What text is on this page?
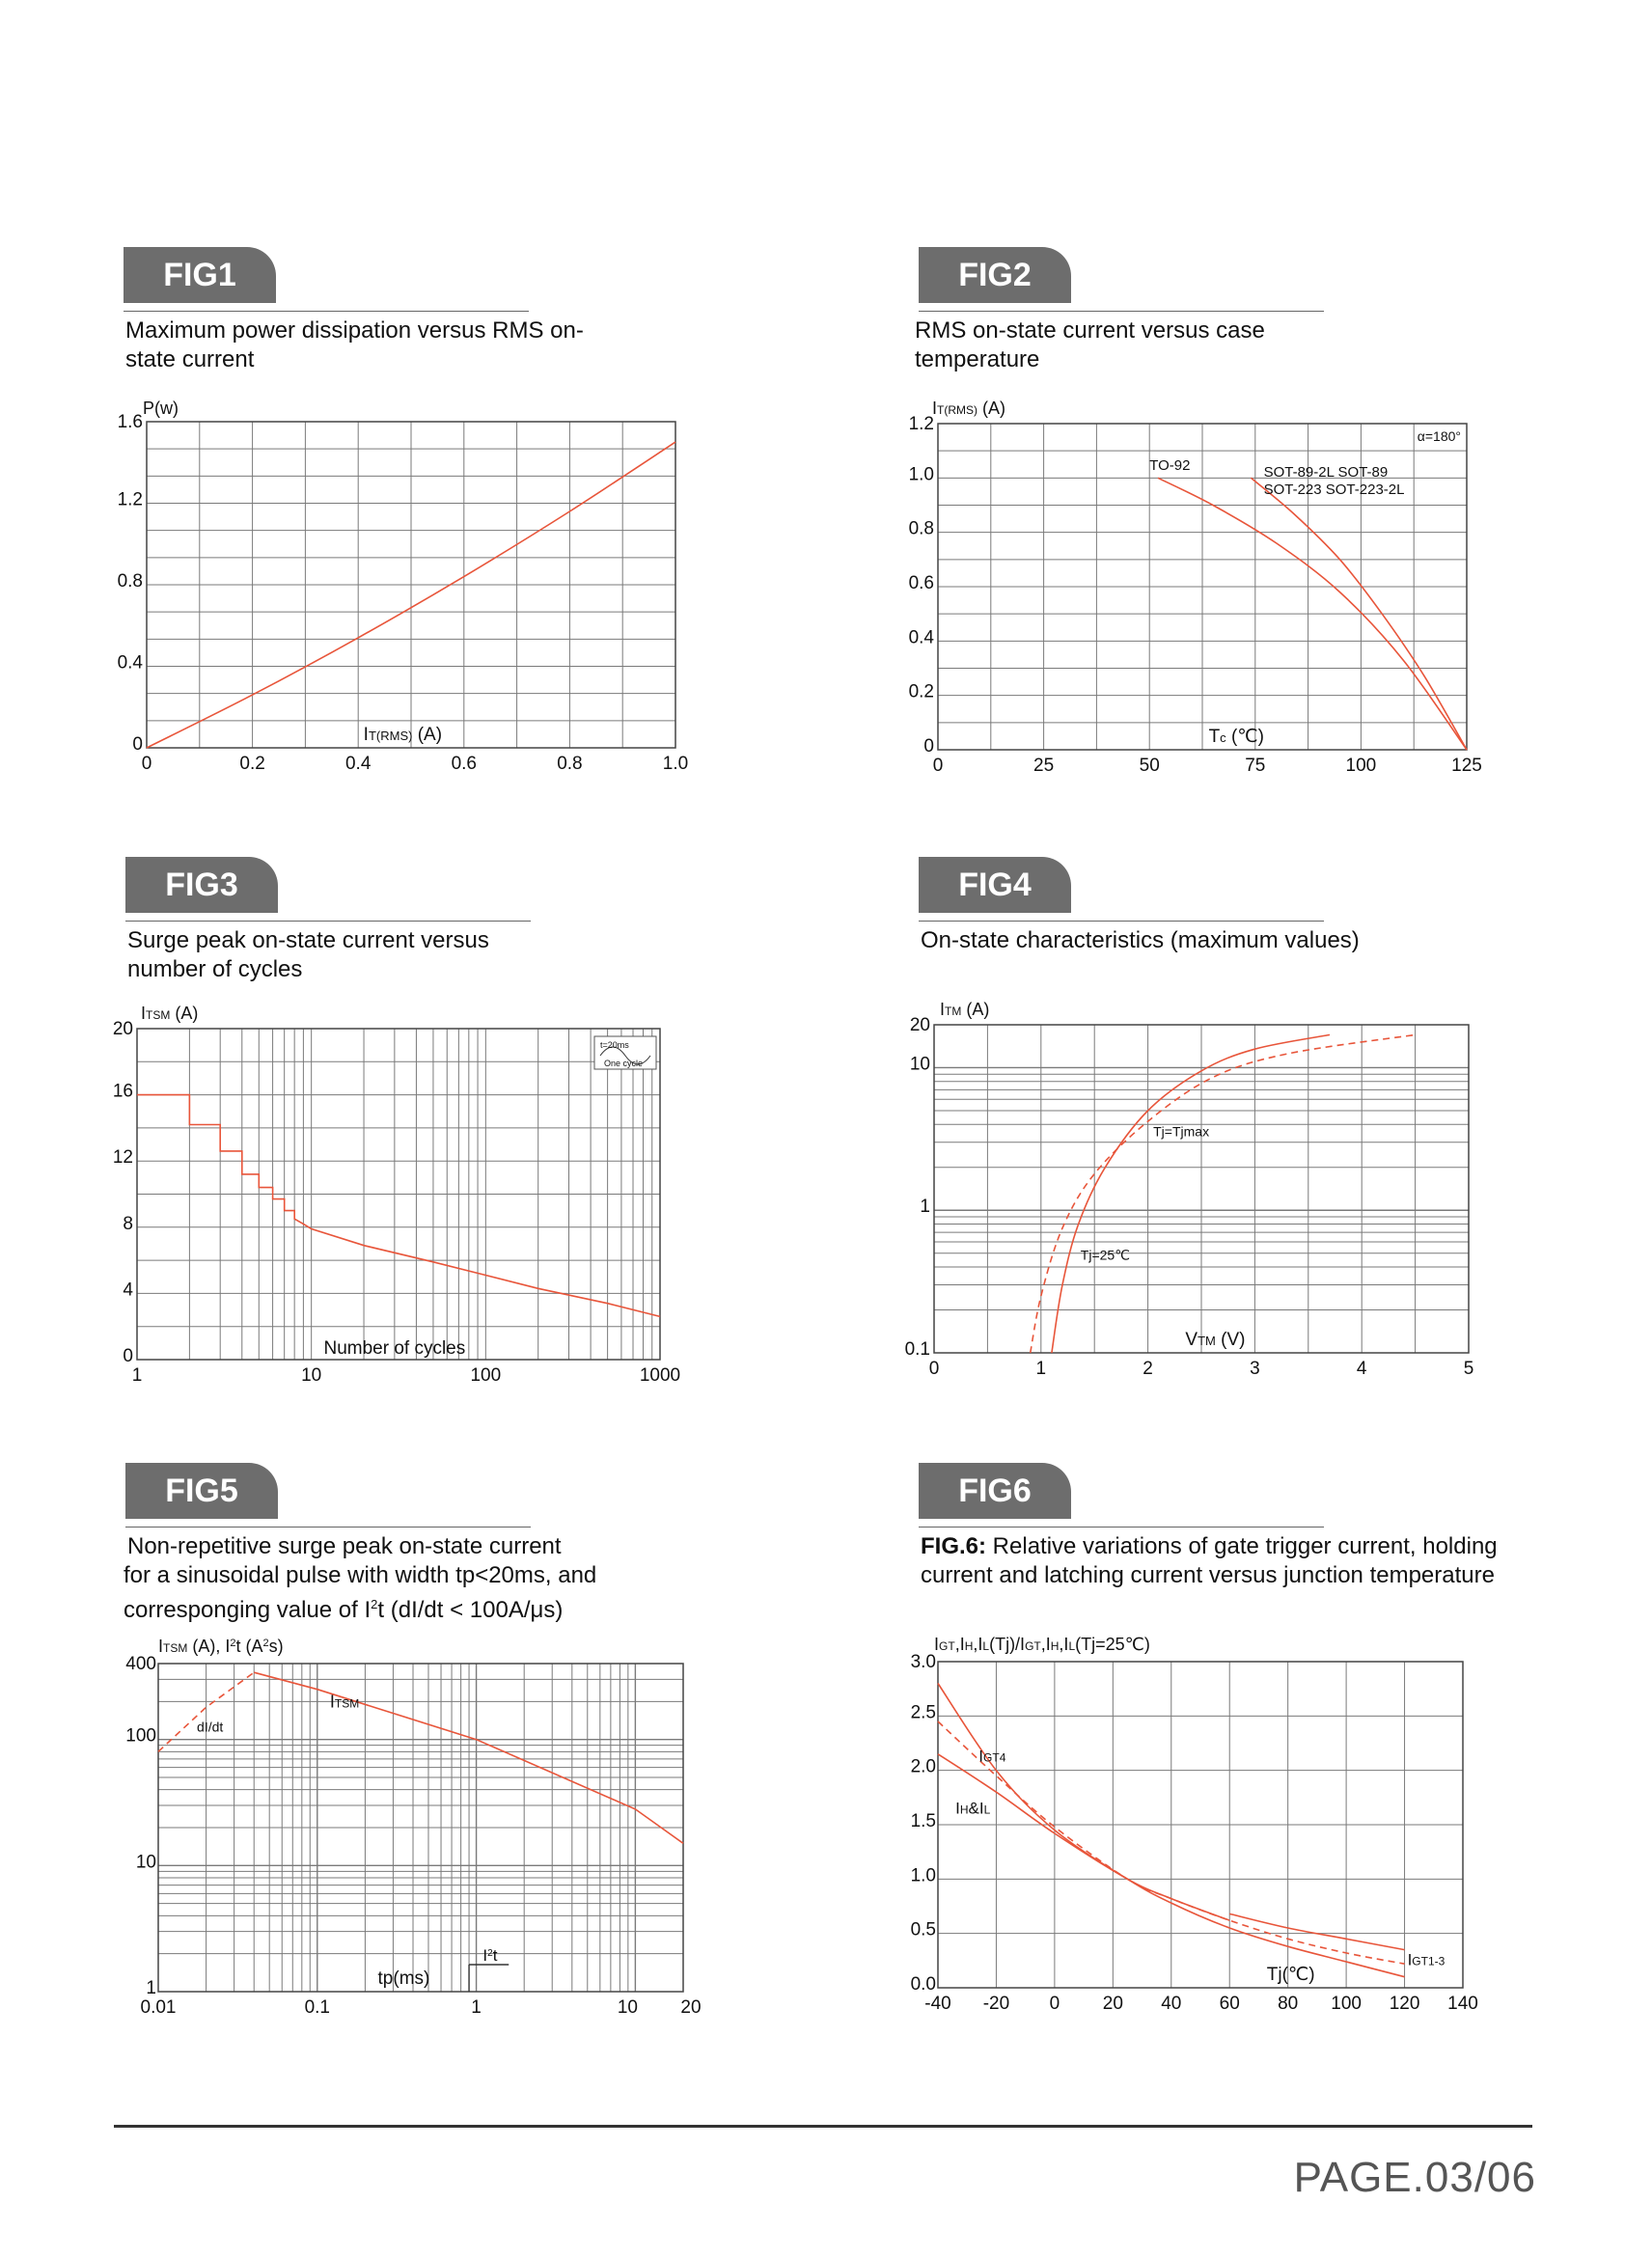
FIG1
Maximum power dissipation versus RMS on-state current
0	0.2	0.4	0.6	0.8	1.0
0
0.4
0.8
1.2
1.6
P(w)
IT(RMS) (A)
FIG2
RMS on-state current versus case temperature
0	25	50	75	100	125
0
0.2
0.4
0.6
0.8
1.0
1.2
IT(RMS) (A)
Tc (℃)
α=180°
TO-92	SOT-89-2L SOT-89
SOT-223 SOT-223-2L
FIG3
Surge peak on-state current versus number of cycles
1	10	100	1000
0
4
8
12
16
20
ITSM (A)
Number of cycles
t=20ms
One cycle
FIG4
On-state characteristics (maximum values)
0	1	2	3	4	5
0.1
1
10
20
ITM (A)
VTM (V)
Tj=25℃
Tj=Tjmax
FIG5
Non-repetitive surge peak on-state current
for a sinusoidal pulse with width tp<20ms, and
corresponging value of $I^2t$ (dI/dt < 100A/μs)
0.01	0.1	1	10 20
1
10
100
400
ITSM (A), $I^2t$ $(A^2s)$
tp(ms)
$I^2t$
ITSM
dI/dt
FIG6
FIG.6: Relative variations of gate trigger current, holding current and latching current versus junction temperature
-40 -20 0 20 40 60 80 100 120 140
0.0
0.5
1.0
1.5
2.0
2.5
3.0
IGT,IH,IL(Tj)/IGT,IH,IL(Tj=25℃)
Tj(℃)
IGT4
IH&IL
IGT1-3
PAGE.03/06
